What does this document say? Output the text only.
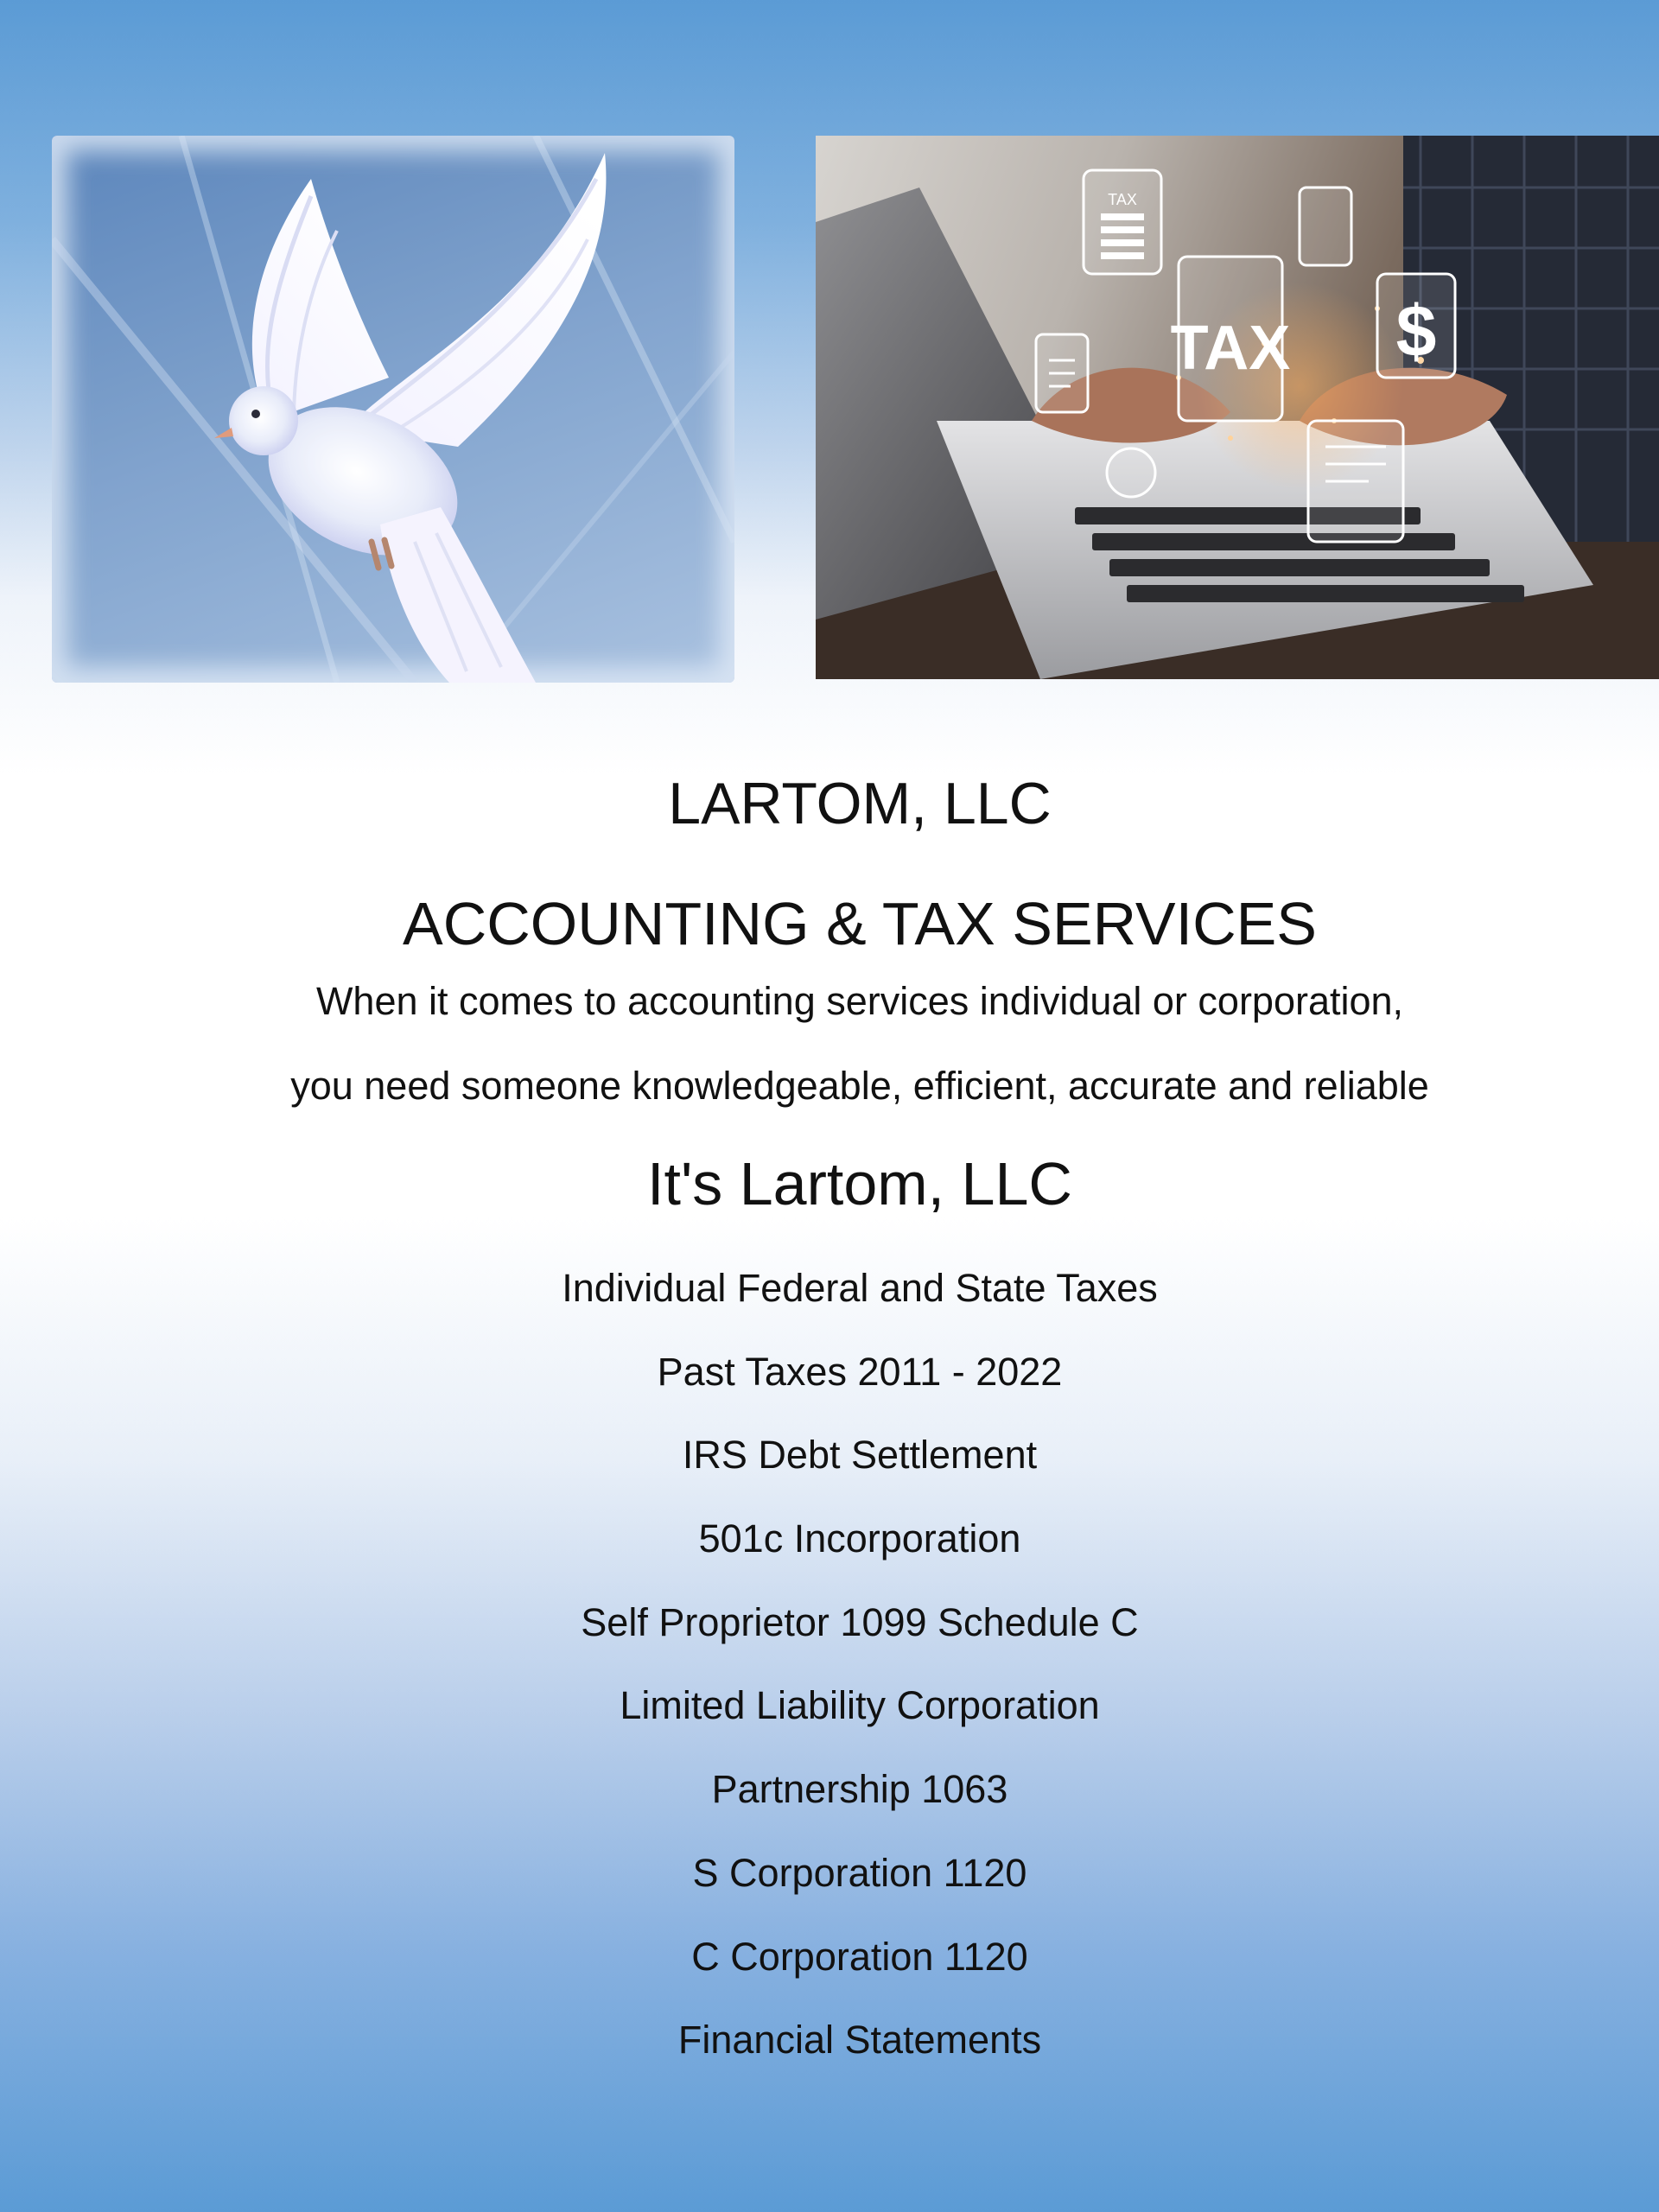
TAX
TAX $
LARTOM, LLC
ACCOUNTING & TAX SERVICES
When it comes to accounting services individual or corporation,
you need someone knowledgeable, efficient, accurate and reliable
It's Lartom, LLC
Individual Federal and State Taxes
Past Taxes 2011 - 2022
IRS Debt Settlement
501c Incorporation
Self Proprietor 1099 Schedule C
Limited Liability Corporation
Partnership 1063
S Corporation 1120
C Corporation 1120
Financial Statements
